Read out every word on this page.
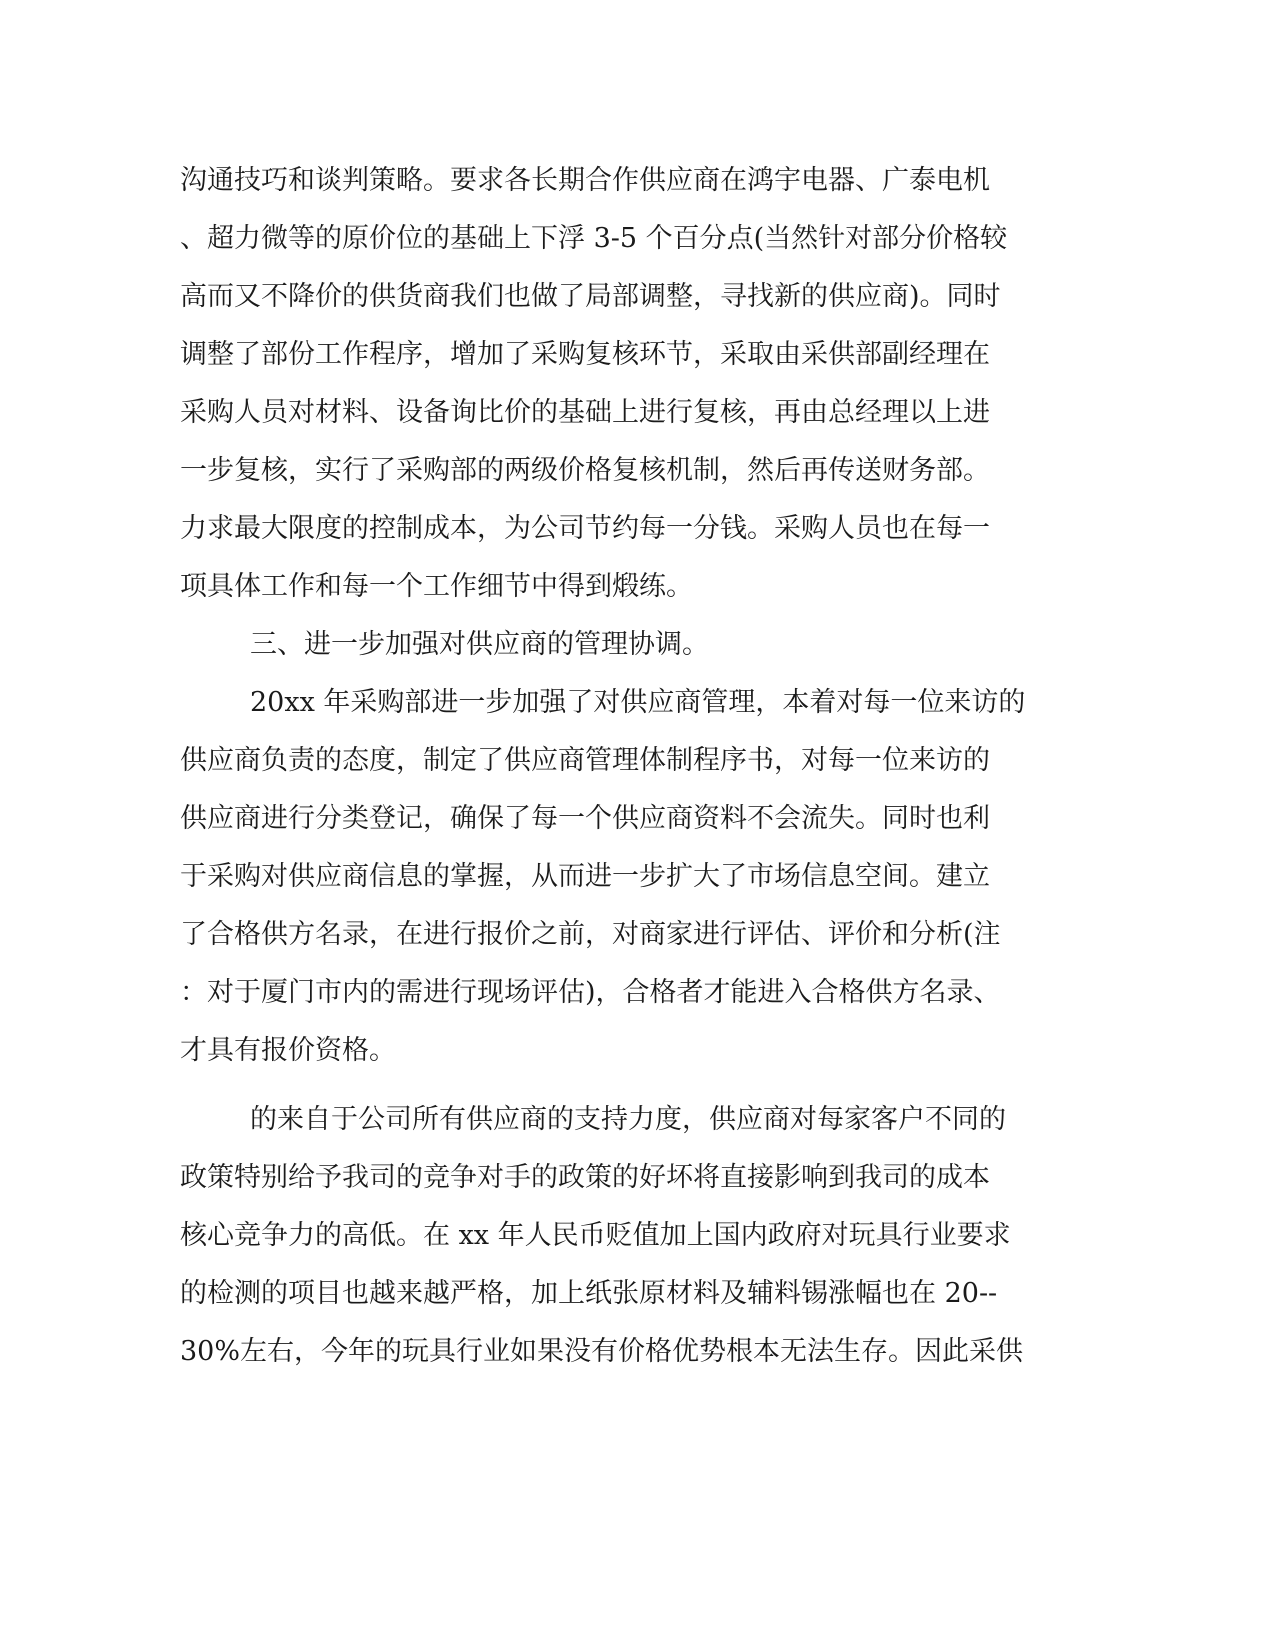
沟通技巧和谈判策略。要求各长期合作供应商在鸿宇电器、广泰电机
、超力微等的原价位的基础上下浮 3-5 个百分点(当然针对部分价格较
高而又不降价的供货商我们也做了局部调整，寻找新的供应商)。同时
调整了部份工作程序，增加了采购复核环节，采取由采供部副经理在
采购人员对材料、设备询比价的基础上进行复核，再由总经理以上进
一步复核，实行了采购部的两级价格复核机制，然后再传送财务部。
力求最大限度的控制成本，为公司节约每一分钱。采购人员也在每一
项具体工作和每一个工作细节中得到煅练。
三、进一步加强对供应商的管理协调。
20xx 年采购部进一步加强了对供应商管理，本着对每一位来访的
供应商负责的态度，制定了供应商管理体制程序书，对每一位来访的
供应商进行分类登记，确保了每一个供应商资料不会流失。同时也利
于采购对供应商信息的掌握，从而进一步扩大了市场信息空间。建立
了合格供方名录，在进行报价之前，对商家进行评估、评价和分析(注
：对于厦门市内的需进行现场评估)，合格者才能进入合格供方名录、
才具有报价资格。
的来自于公司所有供应商的支持力度，供应商对每家客户不同的
政策特别给予我司的竞争对手的政策的好坏将直接影响到我司的成本
核心竞争力的高低。在 xx 年人民币贬值加上国内政府对玩具行业要求
的检测的项目也越来越严格，加上纸张原材料及辅料锡涨幅也在 20--
30%左右，今年的玩具行业如果没有价格优势根本无法生存。因此采供
